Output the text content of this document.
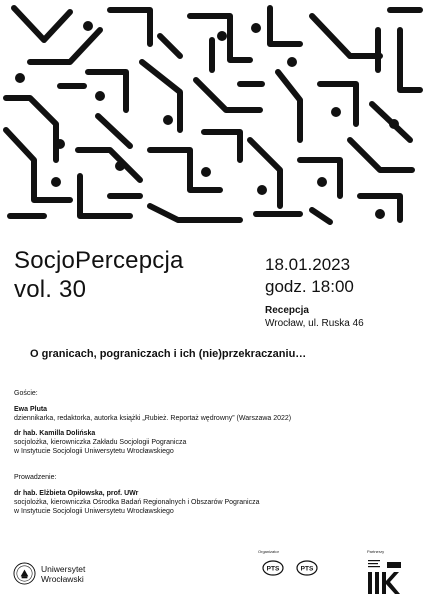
SocjoPercepcja
vol. 30
18.01.2023
godz. 18:00
Recepcja
Wrocław, ul. Ruska 46

O granicach, pograniczach i ich (nie)przekraczaniu…

Goście:
Ewa Pluta
dziennikarka, redaktorka, autorka książki „Rubież. Reportaż wędrowny” (Warszawa 2022)
dr hab. Kamilla Dolińska
socjolożka, kierowniczka Zakładu Socjologii Pogranicza
w Instytucie Socjologii Uniwersytetu Wrocławskiego
Prowadzenie:
dr hab. Elżbieta Opiłowska, prof. UWr
socjolożka, kierowniczka Ośrodka Badań Regionalnych i Obszarów Pogranicza
w Instytucie Socjologii Uniwersytetu Wrocławskiego
Uniwersytet
Wrocławski
Organizator
PTS	PTS
Partnerzy
